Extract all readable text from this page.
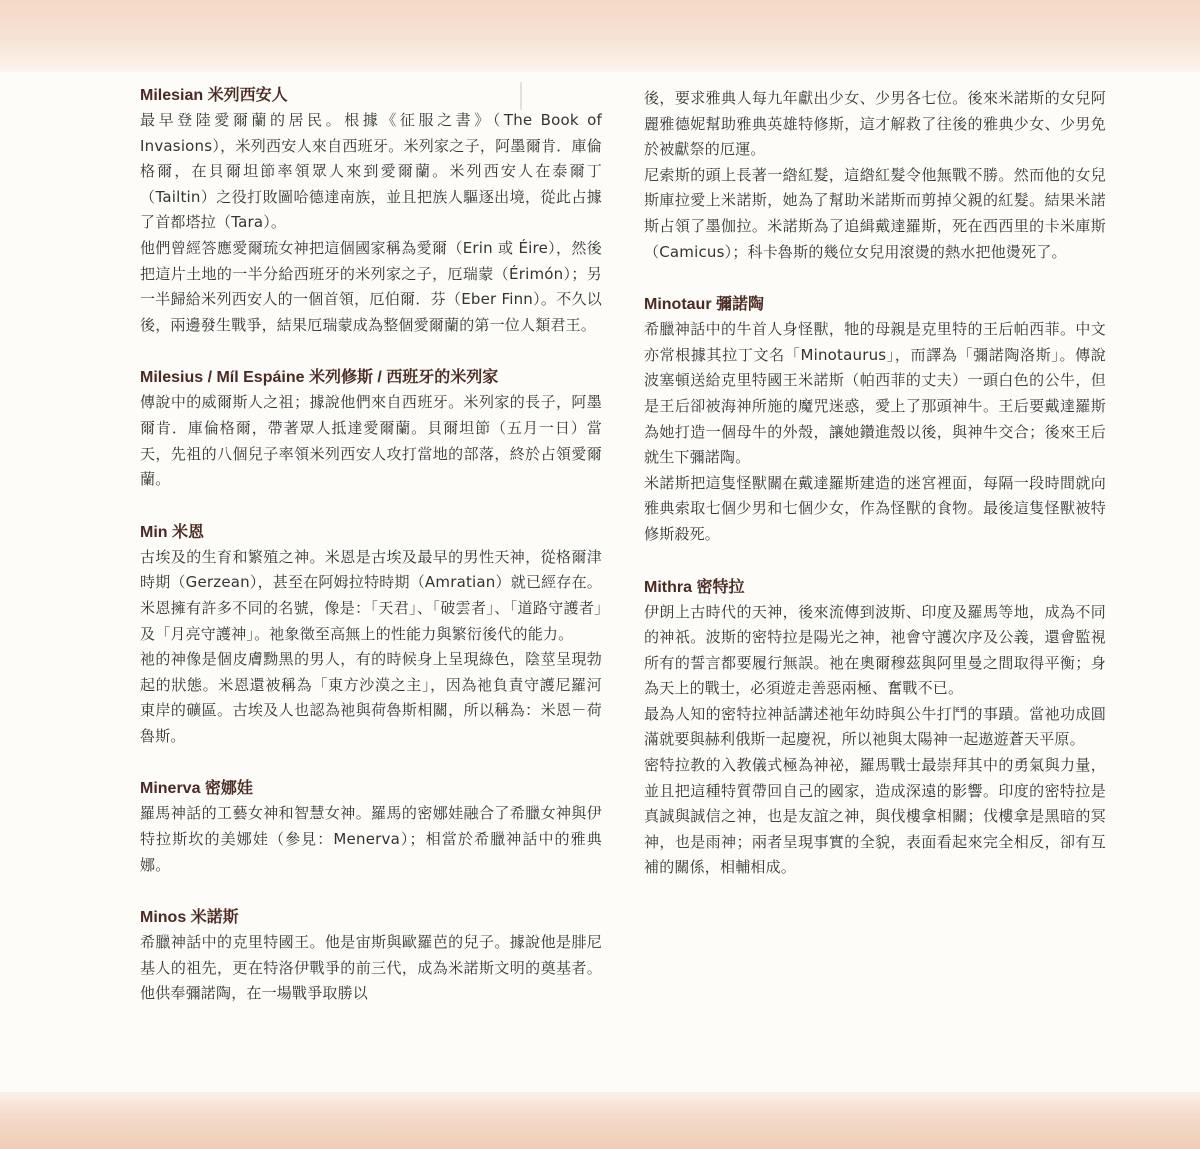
Milesian 米列西安人

最早登陸愛爾蘭的居民。根據《征服之書》（The Book of Invasions），米列西安人來自西班牙。米列家之子，阿墨爾肯．庫倫格爾，在貝爾坦節率領眾人來到愛爾蘭。米列西安人在泰爾丁（Tailtin）之役打敗圖哈德達南族，並且把族人驅逐出境，從此占據了首都塔拉（Tara）。

他們曾經答應愛爾琉女神把這個國家稱為愛爾（Erin 或 Éire），然後把這片土地的一半分給西班牙的米列家之子，厄瑞蒙（Érimón）；另一半歸給米列西安人的一個首領，厄伯爾．芬（Eber Finn）。不久以後，兩邊發生戰爭，結果厄瑞蒙成為整個愛爾蘭的第一位人類君王。

Milesius / Míl Espáine 米列修斯 / 西班牙的米列家

傳說中的威爾斯人之祖；據說他們來自西班牙。米列家的長子，阿墨爾肯．庫倫格爾，帶著眾人抵達愛爾蘭。貝爾坦節（五月一日）當天，先祖的八個兒子率領米列西安人攻打當地的部落，終於占領愛爾蘭。

Min 米恩

古埃及的生育和繁殖之神。米恩是古埃及最早的男性天神，從格爾津時期（Gerzean），甚至在阿姆拉特時期（Amratian）就已經存在。米恩擁有許多不同的名號，像是：「天君」、「破雲者」、「道路守護者」及「月亮守護神」。祂象徵至高無上的性能力與繁衍後代的能力。

祂的神像是個皮膚黝黑的男人，有的時候身上呈現綠色，陰莖呈現勃起的狀態。米恩還被稱為「東方沙漠之主」，因為祂負責守護尼羅河東岸的礦區。古埃及人也認為祂與荷魯斯相關，所以稱為：米恩－荷魯斯。

Minerva 密娜娃

羅馬神話的工藝女神和智慧女神。羅馬的密娜娃融合了希臘女神與伊特拉斯坎的美娜娃（參見：Menerva）；相當於希臘神話中的雅典娜。

Minos 米諾斯

希臘神話中的克里特國王。他是宙斯與歐羅芭的兒子。據說他是腓尼基人的祖先，更在特洛伊戰爭的前三代，成為米諾斯文明的奠基者。他供奉彌諾陶，在一場戰爭取勝以

後，要求雅典人每九年獻出少女、少男各七位。後來米諾斯的女兒阿麗雅德妮幫助雅典英雄特修斯，這才解救了往後的雅典少女、少男免於被獻祭的厄運。

尼索斯的頭上長著一綹紅髮，這綹紅髮令他無戰不勝。然而他的女兒斯庫拉愛上米諾斯，她為了幫助米諾斯而剪掉父親的紅髮。結果米諾斯占領了墨伽拉。米諾斯為了追緝戴達羅斯，死在西西里的卡米庫斯（Camicus）；科卡魯斯的幾位女兒用滾燙的熱水把他燙死了。

Minotaur 彌諾陶

希臘神話中的牛首人身怪獸，牠的母親是克里特的王后帕西菲。中文亦常根據其拉丁文名「Minotaurus」，而譯為「彌諾陶洛斯」。傳說波塞頓送給克里特國王米諾斯（帕西菲的丈夫）一頭白色的公牛，但是王后卻被海神所施的魔咒迷惑，愛上了那頭神牛。王后要戴達羅斯為她打造一個母牛的外殼，讓她鑽進殼以後，與神牛交合；後來王后就生下彌諾陶。

米諾斯把這隻怪獸關在戴達羅斯建造的迷宮裡面，每隔一段時間就向雅典索取七個少男和七個少女，作為怪獸的食物。最後這隻怪獸被特修斯殺死。

Mithra 密特拉

伊朗上古時代的天神，後來流傳到波斯、印度及羅馬等地，成為不同的神祇。波斯的密特拉是陽光之神，祂會守護次序及公義，還會監視所有的誓言都要履行無誤。祂在奧爾穆茲與阿里曼之間取得平衡；身為天上的戰士，必須遊走善惡兩極、奮戰不已。

最為人知的密特拉神話講述祂年幼時與公牛打鬥的事蹟。當祂功成圓滿就要與赫利俄斯一起慶祝，所以祂與太陽神一起遨遊蒼天平原。

密特拉教的入教儀式極為神祕，羅馬戰士最崇拜其中的勇氣與力量，並且把這種特質帶回自己的國家，造成深遠的影響。印度的密特拉是真誠與誠信之神，也是友誼之神，與伐樓拿相關；伐樓拿是黑暗的冥神，也是雨神；兩者呈現事實的全貌，表面看起來完全相反，卻有互補的關係，相輔相成。
